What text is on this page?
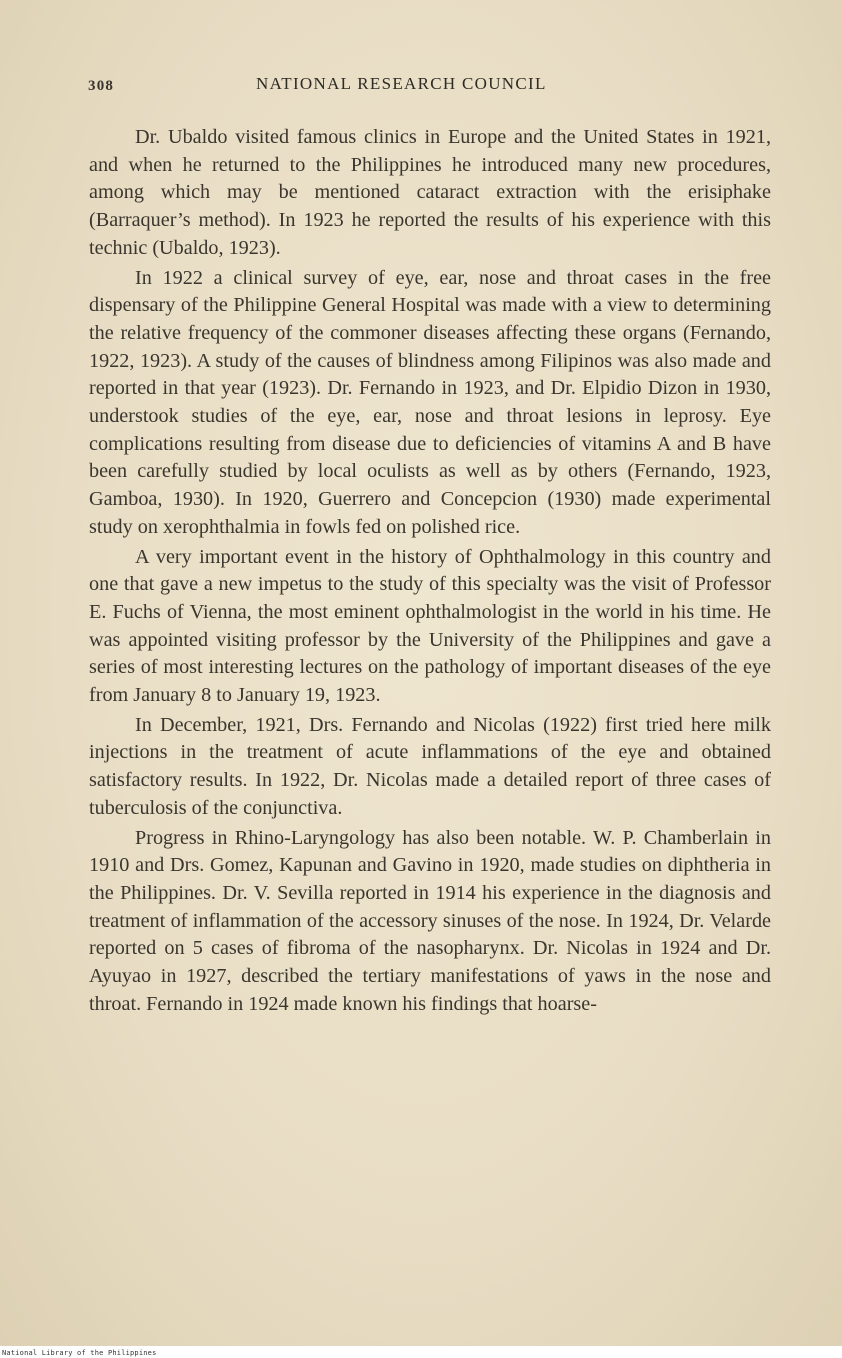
308	NATIONAL RESEARCH COUNCIL

Dr. Ubaldo visited famous clinics in Europe and the United States in 1921, and when he returned to the Philippines he introduced many new procedures, among which may be mentioned cataract extraction with the erisiphake (Barraquer’s method). In 1923 he reported the results of his experience with this technic (Ubaldo, 1923).

In 1922 a clinical survey of eye, ear, nose and throat cases in the free dispensary of the Philippine General Hospital was made with a view to determining the relative frequency of the commoner diseases affecting these organs (Fernando, 1922, 1923). A study of the causes of blindness among Filipinos was also made and reported in that year (1923). Dr. Fernando in 1923, and Dr. Elpidio Dizon in 1930, understook studies of the eye, ear, nose and throat lesions in leprosy. Eye complications resulting from disease due to deficiencies of vitamins A and B have been carefully studied by local oculists as well as by others (Fernando, 1923, Gamboa, 1930). In 1920, Guerrero and Concepcion (1930) made experimental study on xerophthalmia in fowls fed on polished rice.

A very important event in the history of Ophthalmology in this country and one that gave a new impetus to the study of this specialty was the visit of Professor E. Fuchs of Vienna, the most eminent ophthalmologist in the world in his time. He was appointed visiting professor by the University of the Philippines and gave a series of most interesting lectures on the pathology of important diseases of the eye from January 8 to January 19, 1923.

In December, 1921, Drs. Fernando and Nicolas (1922) first tried here milk injections in the treatment of acute inflammations of the eye and obtained satisfactory results. In 1922, Dr. Nicolas made a detailed report of three cases of tuberculosis of the conjunctiva.

Progress in Rhino-Laryngology has also been notable. W. P. Chamberlain in 1910 and Drs. Gomez, Kapunan and Gavino in 1920, made studies on diphtheria in the Philippines. Dr. V. Sevilla reported in 1914 his experience in the diagnosis and treatment of inflammation of the accessory sinuses of the nose. In 1924, Dr. Velarde reported on 5 cases of fibroma of the nasopharynx. Dr. Nicolas in 1924 and Dr. Ayuyao in 1927, described the tertiary manifestations of yaws in the nose and throat. Fernando in 1924 made known his findings that hoarse-

National Library of the Philippines
